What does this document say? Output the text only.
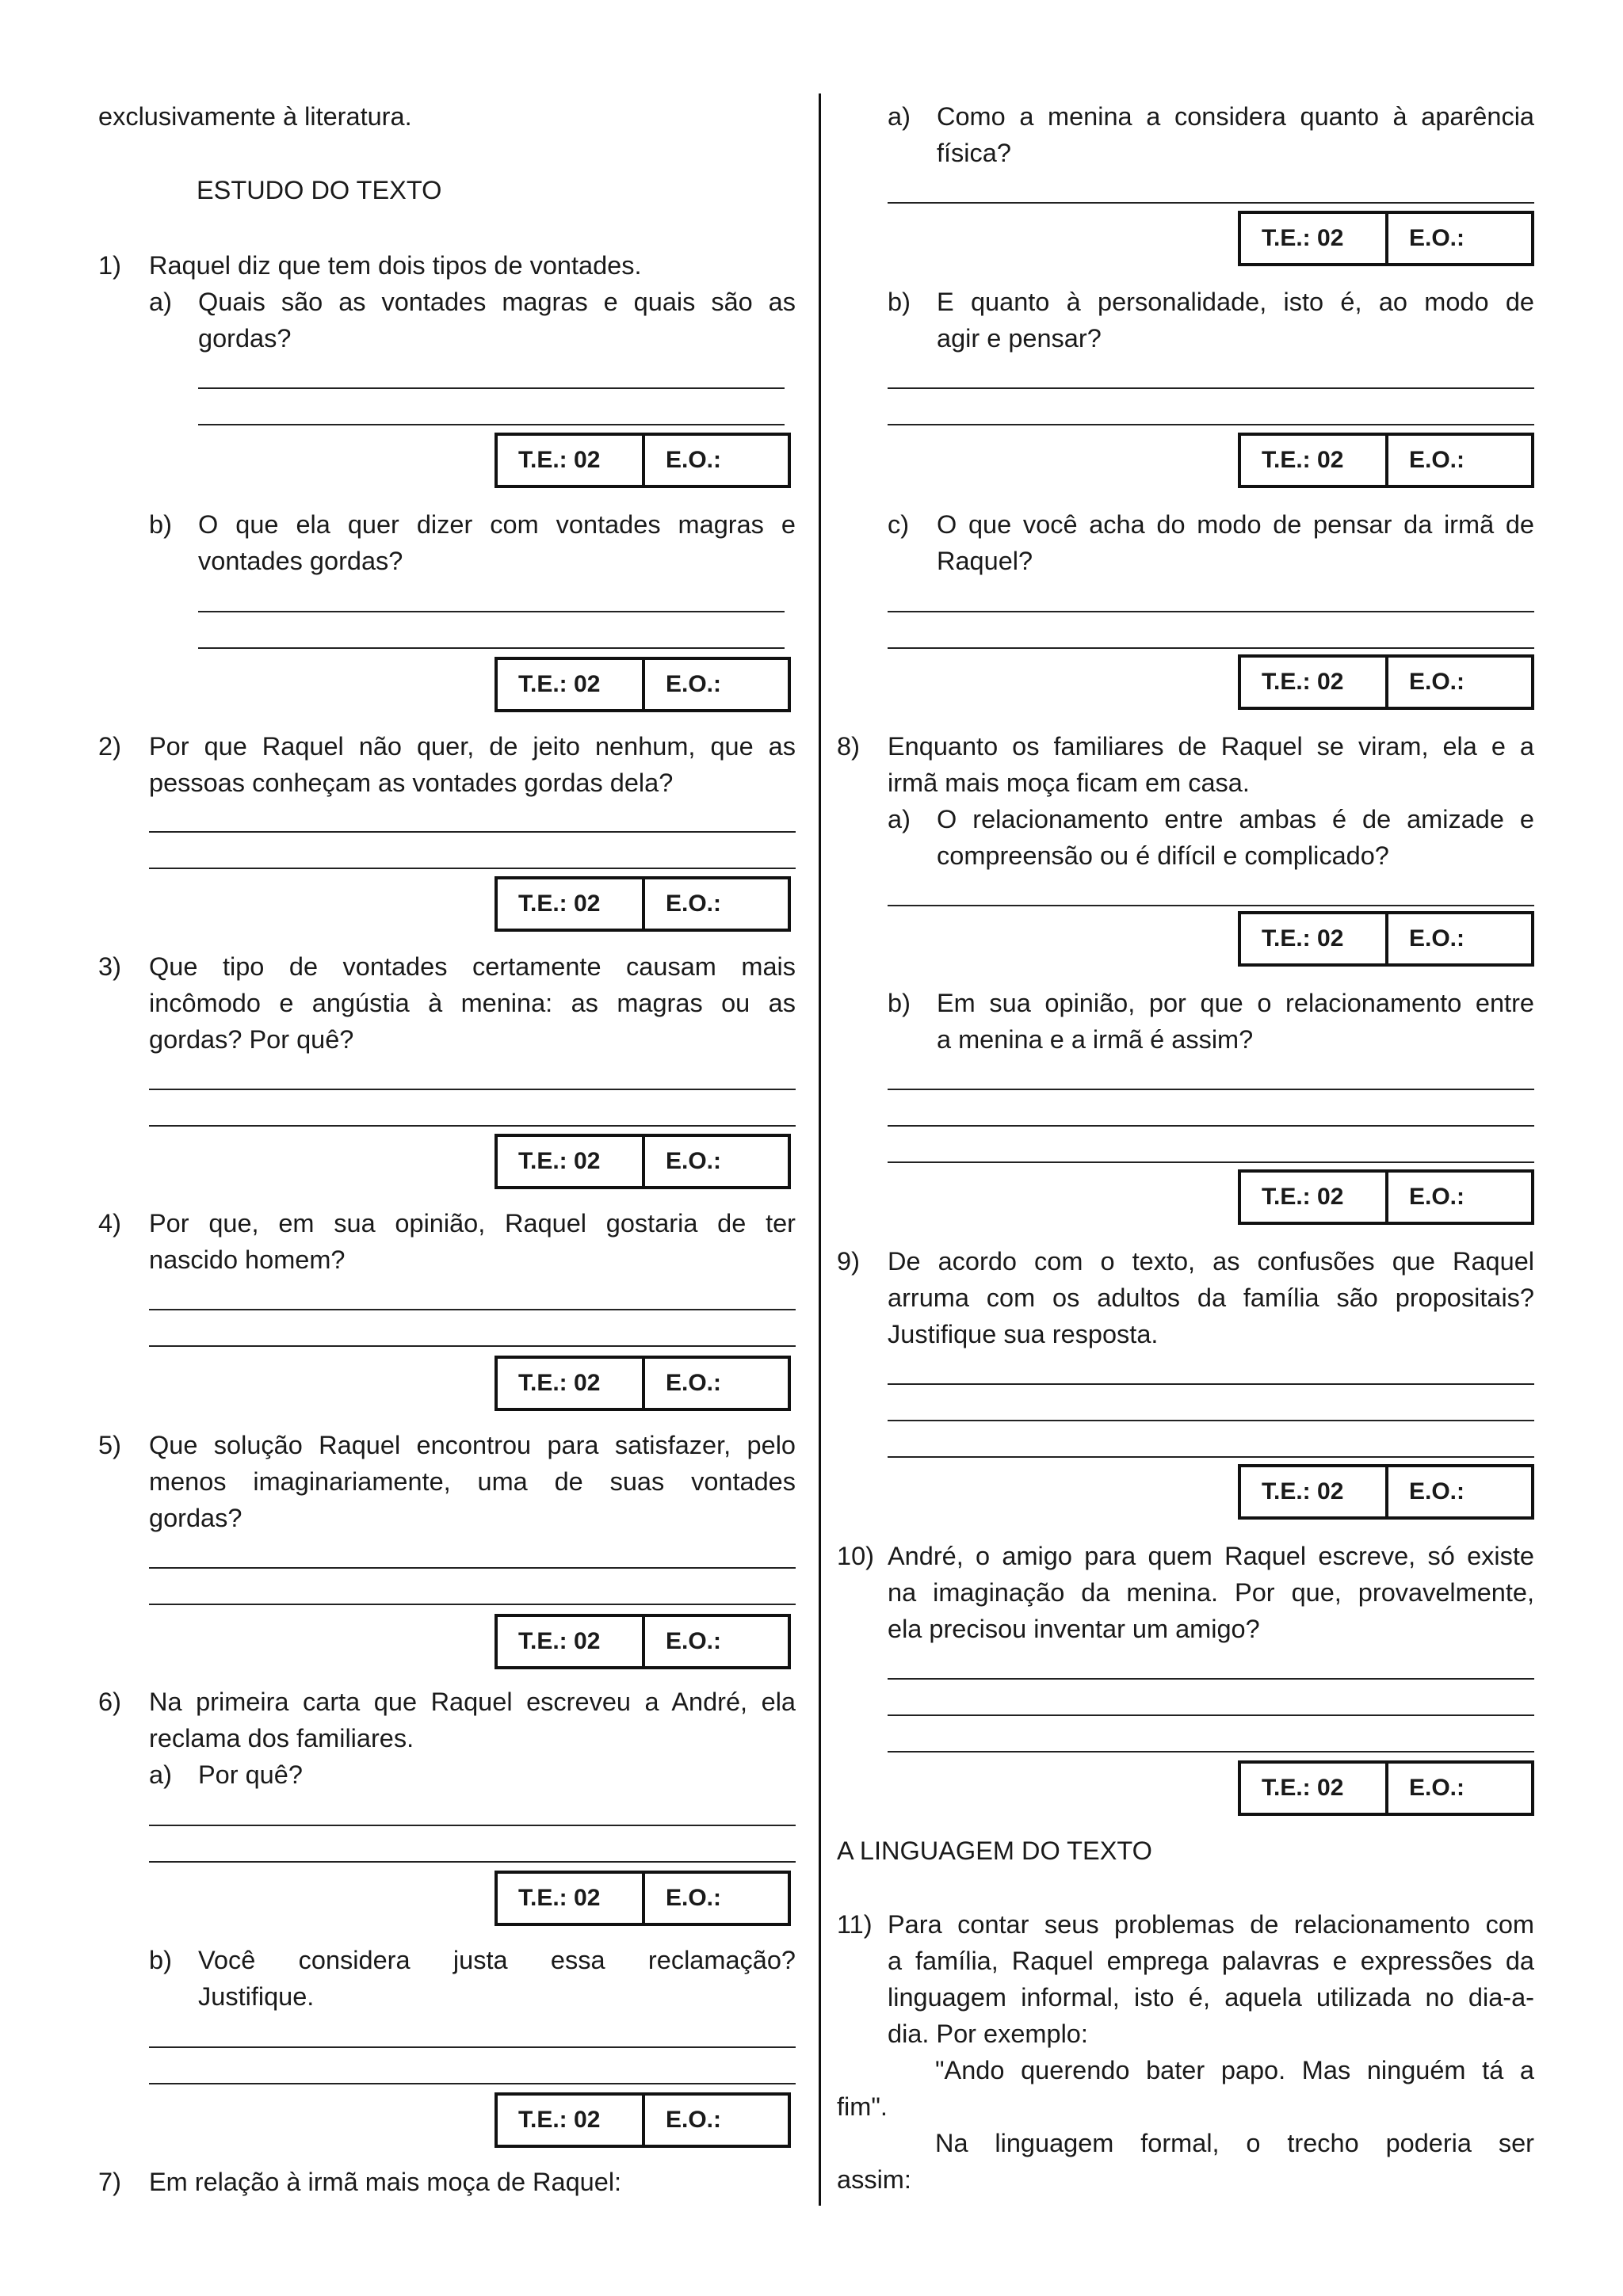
exclusivamente à literatura.
ESTUDO DO TEXTO
1) Raquel diz que tem dois tipos de vontades.
a) Quais são as vontades magras e quais são as
gordas?
T.E.: 02	E.O.:
b) O que ela quer dizer com vontades magras e
vontades gordas?
T.E.: 02	E.O.:
2) Por que Raquel não quer, de jeito nenhum, que as
pessoas conheçam as vontades gordas dela?
T.E.: 02	E.O.:
3) Que tipo de vontades certamente causam mais
incômodo e angústia à menina: as magras ou as
gordas? Por quê?
T.E.: 02	E.O.:
4) Por que, em sua opinião, Raquel gostaria de ter
nascido homem?
T.E.: 02	E.O.:
5) Que solução Raquel encontrou para satisfazer, pelo
menos imaginariamente, uma de suas vontades
gordas?
T.E.: 02	E.O.:
6) Na primeira carta que Raquel escreveu a André, ela
reclama dos familiares.
a) Por quê?
T.E.: 02	E.O.:
b) Você considera justa essa reclamação?
Justifique.
T.E.: 02	E.O.:
7) Em relação à irmã mais moça de Raquel:
a) Como a menina a considera quanto à aparência
física?
T.E.: 02	E.O.:
b) E quanto à personalidade, isto é, ao modo de
agir e pensar?
T.E.: 02	E.O.:
c) O que você acha do modo de pensar da irmã de
Raquel?
T.E.: 02	E.O.:
8) Enquanto os familiares de Raquel se viram, ela e a
irmã mais moça ficam em casa.
a) O relacionamento entre ambas é de amizade e
compreensão ou é difícil e complicado?
T.E.: 02	E.O.:
b) Em sua opinião, por que o relacionamento entre
a menina e a irmã é assim?
T.E.: 02	E.O.:
9) De acordo com o texto, as confusões que Raquel
arruma com os adultos da família são propositais?
Justifique sua resposta.
T.E.: 02	E.O.:
10) André, o amigo para quem Raquel escreve, só existe
na imaginação da menina. Por que, provavelmente,
ela precisou inventar um amigo?
T.E.: 02	E.O.:
A LINGUAGEM DO TEXTO
11) Para contar seus problemas de relacionamento com
a família, Raquel emprega palavras e expressões da
linguagem informal, isto é, aquela utilizada no dia-a-
dia. Por exemplo:
"Ando querendo bater papo. Mas ninguém tá a
fim".
Na linguagem formal, o trecho poderia ser
assim:
